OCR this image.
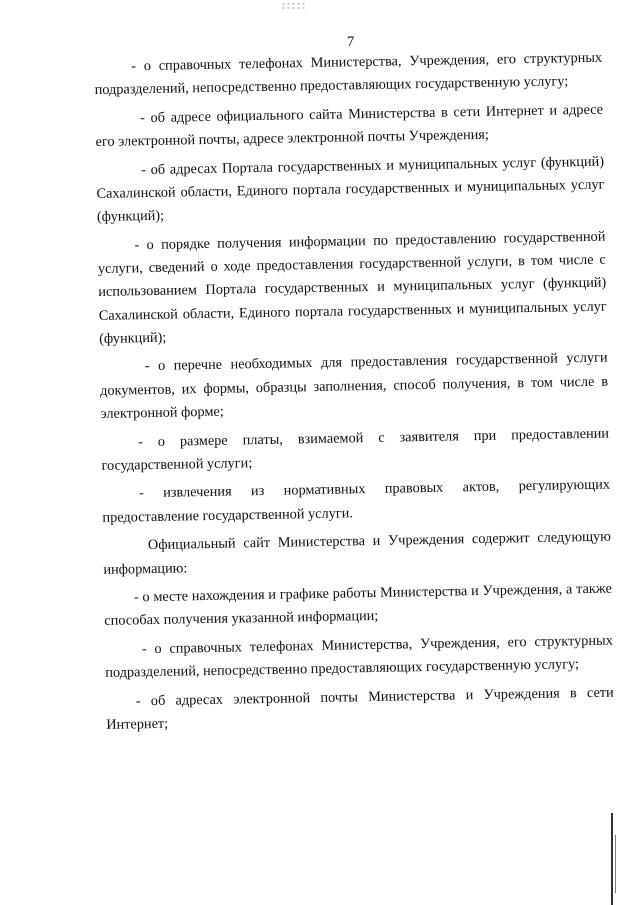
7

- о справочных телефонах Министерства, Учреждения, его структурных подразделений, непосредственно предоставляющих государственную услугу;

- об адресе официального сайта Министерства в сети Интернет и адресе его электронной почты, адресе электронной почты Учреждения;

- об адресах Портала государственных и муниципальных услуг (функций) Сахалинской области, Единого портала государственных и муниципальных услуг (функций);

- о порядке получения информации по предоставлению государственной услуги, сведений о ходе предоставления государственной услуги, в том числе с использованием Портала государственных и муниципальных услуг (функций) Сахалинской области, Единого портала государственных и муниципальных услуг (функций);

- о перечне необходимых для предоставления государственной услуги документов, их формы, образцы заполнения, способ получения, в том числе в электронной форме;

- о размере платы, взимаемой с заявителя при предоставлении государственной услуги;

- извлечения из нормативных правовых актов, регулирующих предоставление государственной услуги.

Официальный сайт Министерства и Учреждения содержит следующую информацию:

- о месте нахождения и графике работы Министерства и Учреждения, а также способах получения указанной информации;

- о справочных телефонах Министерства, Учреждения, его структурных подразделений, непосредственно предоставляющих государственную услугу;

- об адресах электронной почты Министерства и Учреждения в сети Интернет;
